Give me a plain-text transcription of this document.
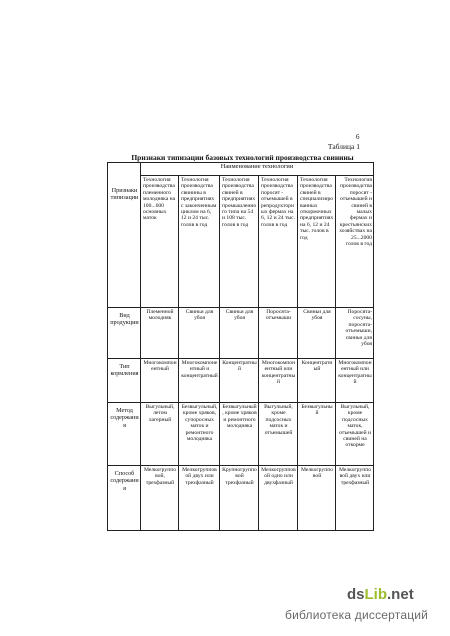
6
Таблица 1
Признаки типизации базовых технологий производства свинины
Признаки типизации	Наименование технологии					
	Технология производства племенного молодняка на 100...600 основных маток	Технология производства свинины в предприятиях с законченным циклом на 6, 12 и 24 тыс. голов в год	Технология производства свиней в предприятиях промышленного типа на 54 и 108 тыс. голов в год	Технология производства поросят - отъемышей в репродукторных фермах на 6, 12 и 24 тыс. голов в год	Технология производства свиней в специализированных откормочных предприятиях на 6, 12 и 24 тыс. голов в год	Технология производства поросят - отъемышей и свиней в малых фермах и крестьянских хозяйствах на 25...2000 голов в год
Вид продукции	Племенной молодняк	Свиньи для убоя	Свиньи для убоя	Поросята-отъемыши	Свиньи для убоя	Поросята-сосуны, поросята-отъемыши, свиньи для убоя
Тип кормления	Многокомпонентный	Многокомпонентный и концентратный	Концентратный	Многокомпонентный или концентратный	Концентратный	Многокомпонентный или концентратный
Метод содержания	Выгульный, летом лагерный	Безвыгульный, кроме хряков, супоросных маток и ремонтного молодняка	Безвыгульный, кроме хряков и ремонтного молодняка	Выгульный, кроме подсосных маток и отъемышей	Безвыгульный	Выгульный, кроме подсосных маток, отъемышей и свиней на откорме
Способ содержания	Мелкогрупповой, трехфазный	Мелкогрупповой двух или трехфазный	Крупногрупповой трехфазный	Мелкогрупповой одно или двухфазный	Мелкогрупповой	Мелкогрупповой двух или трехфазный
dsLib.net
библиотека диссертаций
